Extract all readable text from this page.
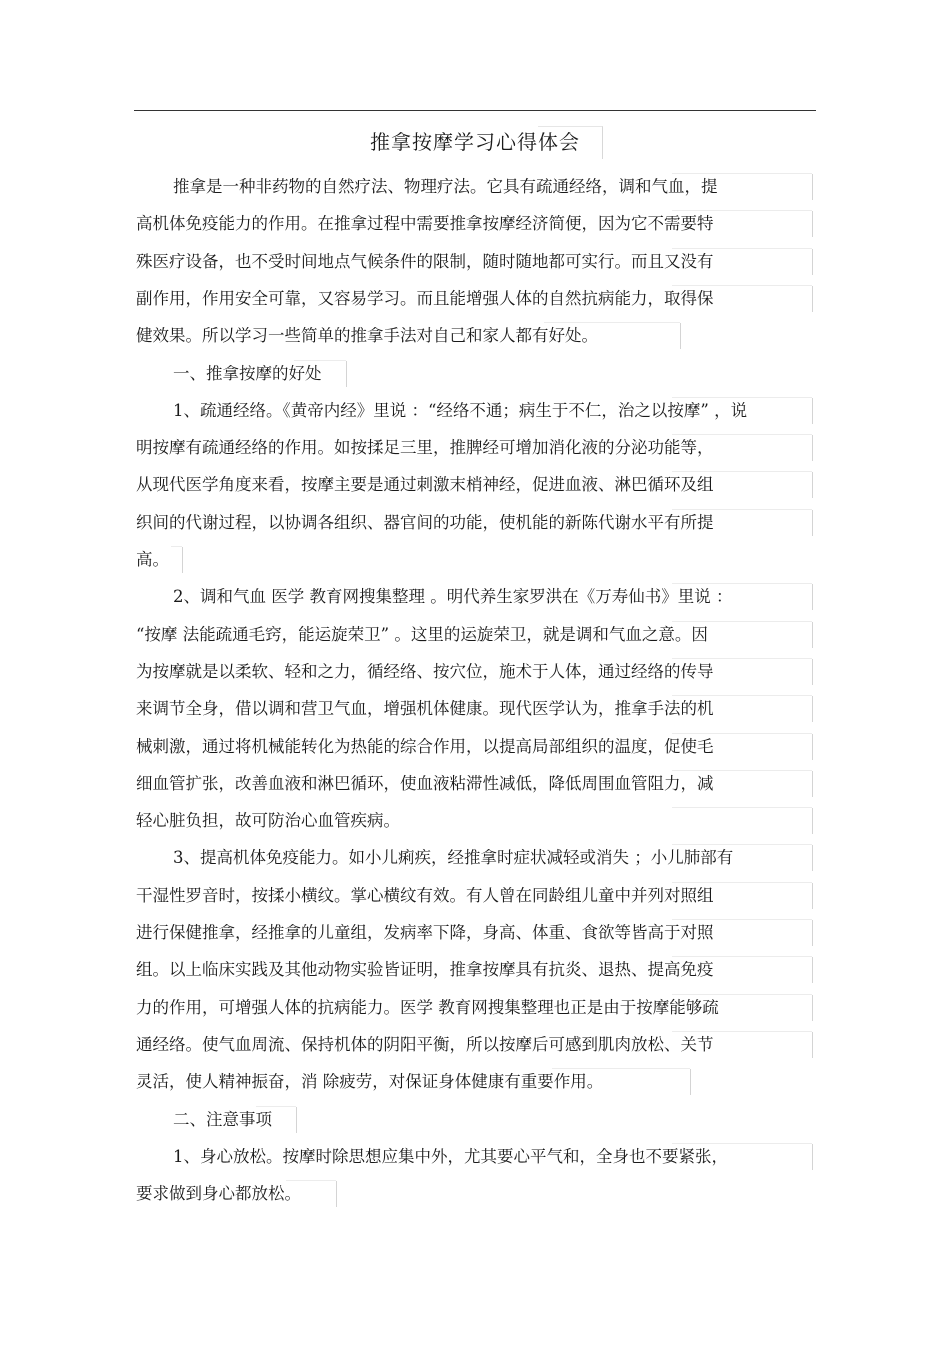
推拿按摩学习心得体会
推拿是一种非药物的自然疗法、物理疗法。它具有疏通经络，调和气血，提
高机体免疫能力的作用。在推拿过程中需要推拿按摩经济简便，因为它不需要特
殊医疗设备，也不受时间地点气候条件的限制，随时随地都可实行。而且又没有
副作用，作用安全可靠，又容易学习。而且能增强人体的自然抗病能力，取得保
健效果。所以学习一些简单的推拿手法对自己和家人都有好处。
一、推拿按摩的好处
1、疏通经络。《黄帝内经》里说 ：“经络不通；病生于不仁，治之以按摩” ，说
明按摩有疏通经络的作用。如按揉足三里，推脾经可增加消化液的分泌功能等，
从现代医学角度来看，按摩主要是通过刺激末梢神经，促进血液、淋巴循环及组
织间的代谢过程，以协调各组织、器官间的功能，使机能的新陈代谢水平有所提
高。
2、调和气血 医学 教育网搜集整理 。明代养生家罗洪在《万寿仙书》里说 ：
“按摩 法能疏通毛窍，能运旋荣卫” 。这里的运旋荣卫，就是调和气血之意。因
为按摩就是以柔软、轻和之力，循经络、按穴位，施术于人体，通过经络的传导
来调节全身，借以调和营卫气血，增强机体健康。现代医学认为，推拿手法的机
械刺激，通过将机械能转化为热能的综合作用，以提高局部组织的温度，促使毛
细血管扩张，改善血液和淋巴循环，使血液粘滞性减低，降低周围血管阻力，减
轻心脏负担，故可防治心血管疾病。
3、提高机体免疫能力。如小儿痢疾，经推拿时症状减轻或消失 ；小儿肺部有
干湿性罗音时，按揉小横纹。掌心横纹有效。有人曾在同龄组儿童中并列对照组
进行保健推拿，经推拿的儿童组，发病率下降，身高、体重、食欲等皆高于对照
组。以上临床实践及其他动物实验皆证明，推拿按摩具有抗炎、退热、提高免疫
力的作用，可增强人体的抗病能力。医学 教育网搜集整理也正是由于按摩能够疏
通经络。使气血周流、保持机体的阴阳平衡，所以按摩后可感到肌肉放松、关节
灵活，使人精神振奋，消 除疲劳，对保证身体健康有重要作用。
二、注意事项
1、身心放松。按摩时除思想应集中外，尤其要心平气和，全身也不要紧张，
要求做到身心都放松。
